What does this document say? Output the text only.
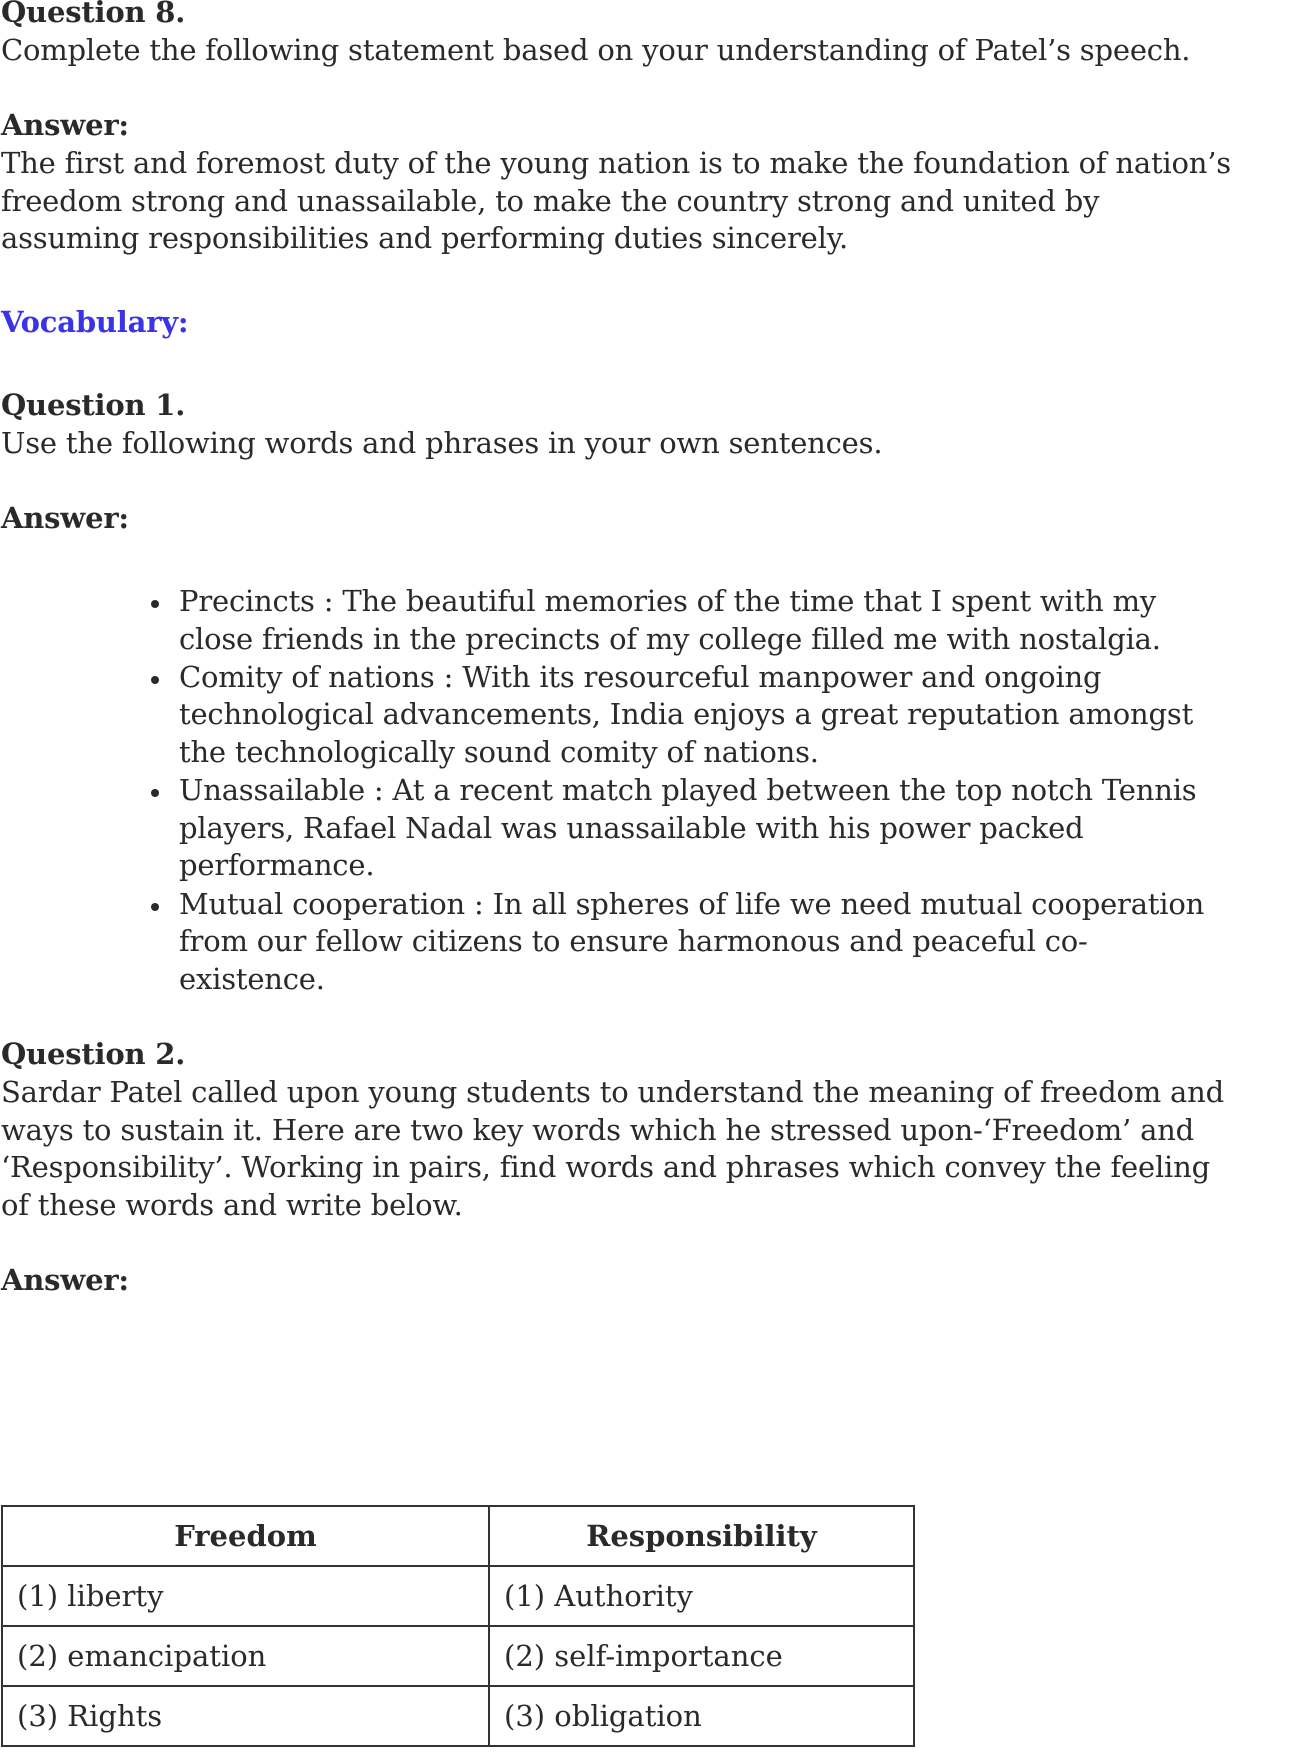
Question 8.
Complete the following statement based on your understanding of Patel’s speech.
Answer:
The first and foremost duty of the young nation is to make the foundation of nation’s
freedom strong and unassailable, to make the country strong and united by
assuming responsibilities and performing duties sincerely.
Vocabulary:
Question 1.
Use the following words and phrases in your own sentences.
Answer:
Precincts : The beautiful memories of the time that I spent with my
close friends in the precincts of my college filled me with nostalgia.
Comity of nations : With its resourceful manpower and ongoing
technological advancements, India enjoys a great reputation amongst
the technologically sound comity of nations.
Unassailable : At a recent match played between the top notch Tennis
players, Rafael Nadal was unassailable with his power packed
performance.
Mutual cooperation : In all spheres of life we need mutual cooperation
from our fellow citizens to ensure harmonous and peaceful co-
existence.
Question 2.
Sardar Patel called upon young students to understand the meaning of freedom and
ways to sustain it. Here are two key words which he stressed upon-‘Freedom’ and
‘Responsibility’. Working in pairs, find words and phrases which convey the feeling
of these words and write below.
Answer:
Freedom	Responsibility
(1) liberty	(1) Authority
(2) emancipation	(2) self-importance
(3) Rights	(3) obligation
